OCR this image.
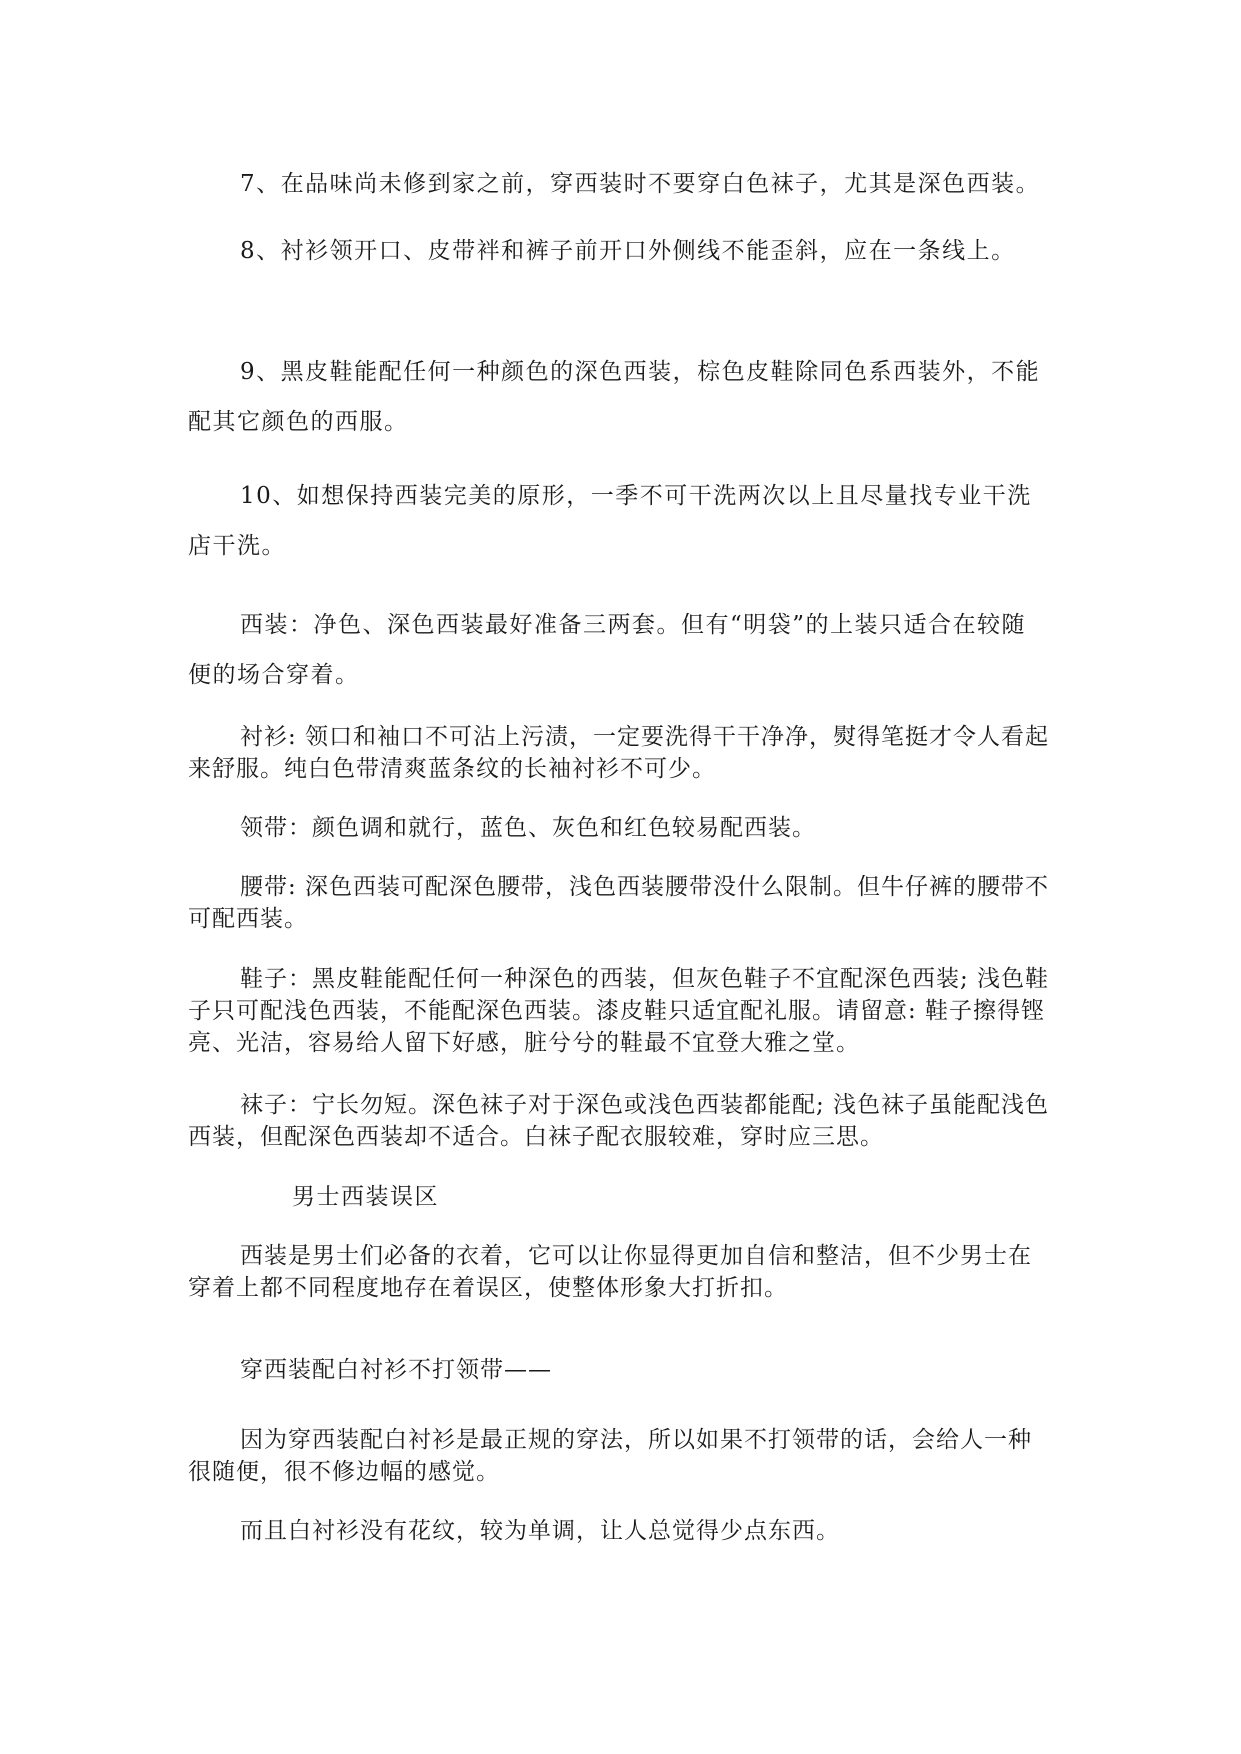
7、在品味尚未修到家之前，穿西装时不要穿白色袜子，尤其是深色西装。

8、衬衫领开口、皮带袢和裤子前开口外侧线不能歪斜，应在一条线上。

9、黑皮鞋能配任何一种颜色的深色西装，棕色皮鞋除同色系西装外，不能配其它颜色的西服。

10、如想保持西装完美的原形，一季不可干洗两次以上且尽量找专业干洗店干洗。

西装：净色、深色西装最好准备三两套。但有“明袋”的上装只适合在较随便的场合穿着。

衬衫: 领口和袖口不可沾上污渍，一定要洗得干干净净，熨得笔挺才令人看起来舒服。纯白色带清爽蓝条纹的长袖衬衫不可少。

领带：颜色调和就行，蓝色、灰色和红色较易配西装。

腰带: 深色西装可配深色腰带，浅色西装腰带没什么限制。但牛仔裤的腰带不可配西装。

鞋子：黑皮鞋能配任何一种深色的西装，但灰色鞋子不宜配深色西装; 浅色鞋子只可配浅色西装，不能配深色西装。漆皮鞋只适宜配礼服。请留意: 鞋子擦得铿亮、光洁，容易给人留下好感，脏兮兮的鞋最不宜登大雅之堂。

袜子：宁长勿短。深色袜子对于深色或浅色西装都能配; 浅色袜子虽能配浅色西装，但配深色西装却不适合。白袜子配衣服较难，穿时应三思。

男士西装误区

西装是男士们必备的衣着，它可以让你显得更加自信和整洁，但不少男士在穿着上都不同程度地存在着误区，使整体形象大打折扣。

穿西装配白衬衫不打领带——

因为穿西装配白衬衫是最正规的穿法，所以如果不打领带的话，会给人一种很随便，很不修边幅的感觉。

而且白衬衫没有花纹，较为单调，让人总觉得少点东西。
